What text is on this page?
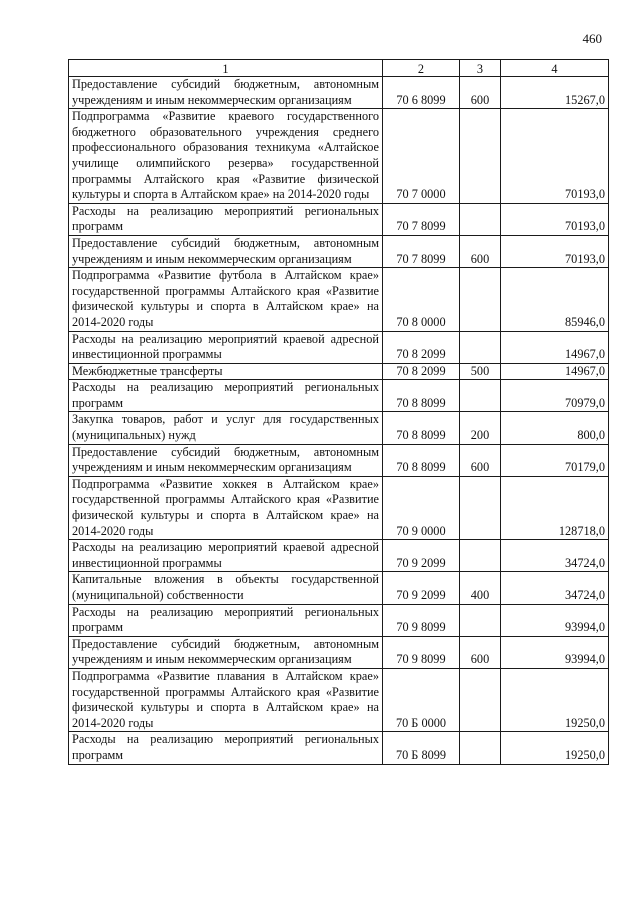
460
1	2	3	4
Предоставление субсидий бюджетным, автономным учреждениям и иным некоммерческим организациям	70 6 8099	600	15267,0
Подпрограмма «Развитие краевого государственного бюджетного образовательного учреждения среднего профессионального образования техникума «Алтайское училище олимпийского резерва» государственной программы Алтайского края «Развитие физической культуры и спорта в Алтайском крае» на 2014-2020 годы	70 7 0000		70193,0
Расходы на реализацию мероприятий региональных программ	70 7 8099		70193,0
Предоставление субсидий бюджетным, автономным учреждениям и иным некоммерческим организациям	70 7 8099	600	70193,0
Подпрограмма «Развитие футбола в Алтайском крае» государственной программы Алтайского края «Развитие физической культуры и спорта в Алтайском крае» на 2014-2020 годы	70 8 0000		85946,0
Расходы на реализацию мероприятий краевой адресной инвестиционной программы	70 8 2099		14967,0
Межбюджетные трансферты	70 8 2099	500	14967,0
Расходы на реализацию мероприятий региональных программ	70 8 8099		70979,0
Закупка товаров, работ и услуг для государственных (муниципальных) нужд	70 8 8099	200	800,0
Предоставление субсидий бюджетным, автономным учреждениям и иным некоммерческим организациям	70 8 8099	600	70179,0
Подпрограмма «Развитие хоккея в Алтайском крае» государственной программы Алтайского края «Развитие физической культуры и спорта в Алтайском крае» на 2014-2020 годы	70 9 0000		128718,0
Расходы на реализацию мероприятий краевой адресной инвестиционной программы	70 9 2099		34724,0
Капитальные вложения в объекты государственной (муниципальной) собственности	70 9 2099	400	34724,0
Расходы на реализацию мероприятий региональных программ	70 9 8099		93994,0
Предоставление субсидий бюджетным, автономным учреждениям и иным некоммерческим организациям	70 9 8099	600	93994,0
Подпрограмма «Развитие плавания в Алтайском крае» государственной программы Алтайского края «Развитие физической культуры и спорта в Алтайском крае» на 2014-2020 годы	70 Б 0000		19250,0
Расходы на реализацию мероприятий региональных программ	70 Б 8099		19250,0
